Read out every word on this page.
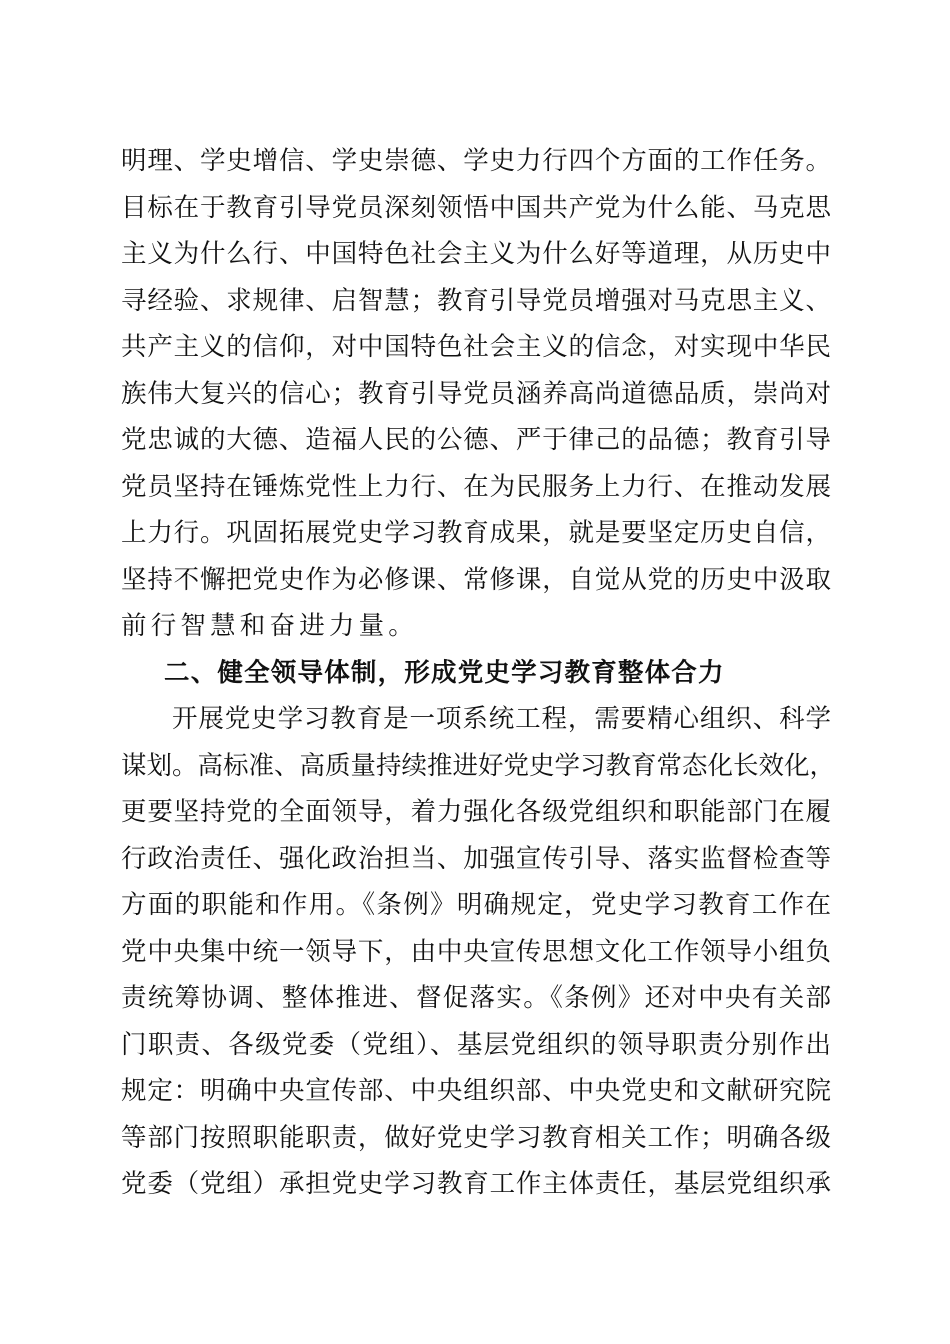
明理、学史增信、学史崇德、学史力行四个方面的工作任务。
目标在于教育引导党员深刻领悟中国共产党为什么能、马克思
主义为什么行、中国特色社会主义为什么好等道理，从历史中
寻经验、求规律、启智慧；教育引导党员增强对马克思主义、
共产主义的信仰，对中国特色社会主义的信念，对实现中华民
族伟大复兴的信心；教育引导党员涵养高尚道德品质，崇尚对
党忠诚的大德、造福人民的公德、严于律己的品德；教育引导
党员坚持在锤炼党性上力行、在为民服务上力行、在推动发展
上力行。巩固拓展党史学习教育成果，就是要坚定历史自信，
坚持不懈把党史作为必修课、常修课，自觉从党的历史中汲取
前行智慧和奋进力量。
二、健全领导体制，形成党史学习教育整体合力
开展党史学习教育是一项系统工程，需要精心组织、科学
谋划。高标准、高质量持续推进好党史学习教育常态化长效化，
更要坚持党的全面领导，着力强化各级党组织和职能部门在履
行政治责任、强化政治担当、加强宣传引导、落实监督检查等
方面的职能和作用。《条例》明确规定，党史学习教育工作在
党中央集中统一领导下，由中央宣传思想文化工作领导小组负
责统筹协调、整体推进、督促落实。《条例》还对中央有关部
门职责、各级党委（党组）、基层党组织的领导职责分别作出
规定：明确中央宣传部、中央组织部、中央党史和文献研究院
等部门按照职能职责，做好党史学习教育相关工作；明确各级
党委（党组）承担党史学习教育工作主体责任，基层党组织承
